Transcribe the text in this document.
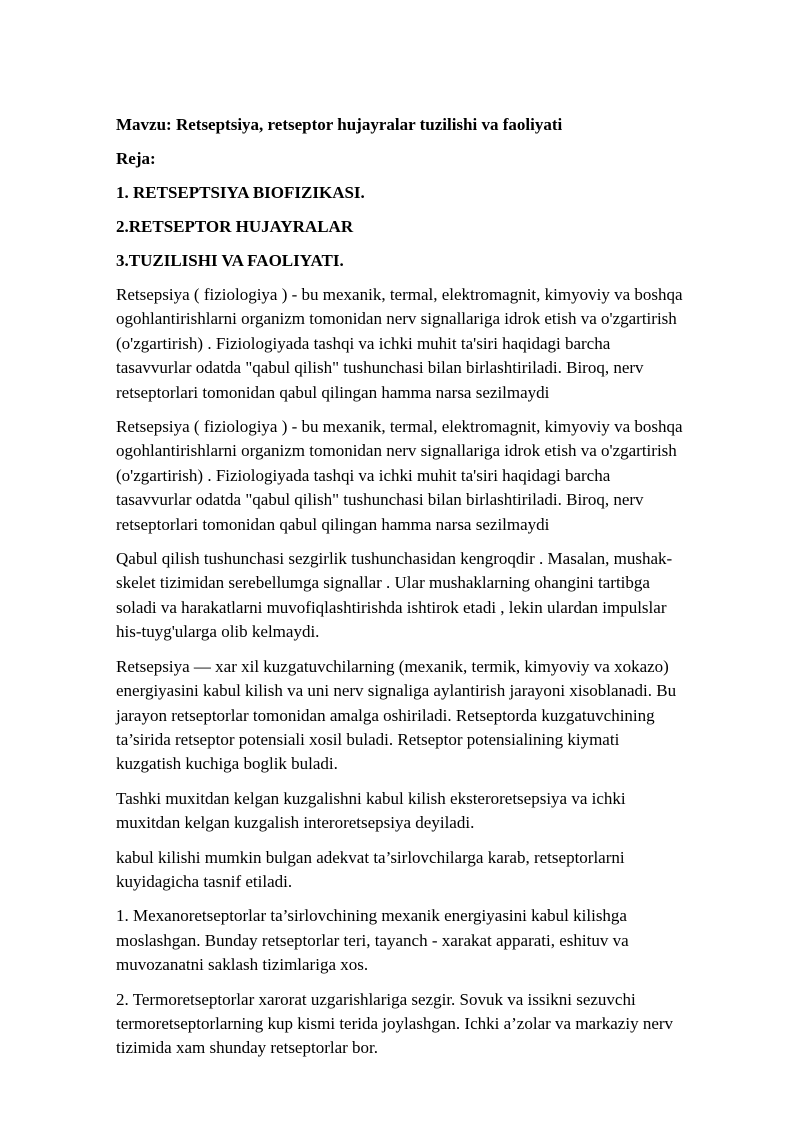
Mavzu: Retseptsiya, retseptor hujayralar tuzilishi va faoliyati
Reja:
1. RETSEPTSIYA BIOFIZIKASI.
2.RETSEPTOR HUJAYRALAR
3.TUZILISHI VA FAOLIYATI.
Retsepsiya ( fiziologiya ) - bu mexanik, termal, elektromagnit, kimyoviy va boshqa
ogohlantirishlarni organizm tomonidan nerv signallariga idrok etish va o'zgartirish
(o'zgartirish) . Fiziologiyada tashqi va ichki muhit ta'siri haqidagi barcha
tasavvurlar odatda "qabul qilish" tushunchasi bilan birlashtiriladi. Biroq, nerv
retseptorlari tomonidan qabul qilingan hamma narsa sezilmaydi
Retsepsiya ( fiziologiya ) - bu mexanik, termal, elektromagnit, kimyoviy va boshqa
ogohlantirishlarni organizm tomonidan nerv signallariga idrok etish va o'zgartirish
(o'zgartirish) . Fiziologiyada tashqi va ichki muhit ta'siri haqidagi barcha
tasavvurlar odatda "qabul qilish" tushunchasi bilan birlashtiriladi. Biroq, nerv
retseptorlari tomonidan qabul qilingan hamma narsa sezilmaydi
Qabul qilish tushunchasi sezgirlik tushunchasidan kengroqdir . Masalan, mushak-
skelet tizimidan serebellumga signallar . Ular mushaklarning ohangini tartibga
soladi va harakatlarni muvofiqlashtirishda ishtirok etadi , lekin ulardan impulslar
his-tuyg'ularga olib kelmaydi.
Retsepsiya — xar xil kuzgatuvchilarning (mexanik, termik, kimyoviy va xokazo)
energiyasini kabul kilish va uni nerv signaliga aylantirish jarayoni xisoblanadi. Bu
jarayon retseptorlar tomonidan amalga oshiriladi. Retseptorda kuzgatuvchining
ta’sirida retseptor potensiali xosil buladi. Retseptor potensialining kiymati
kuzgatish kuchiga boglik buladi.
Tashki muxitdan kelgan kuzgalishni kabul kilish eksteroretsepsiya va ichki
muxitdan kelgan kuzgalish interoretsepsiya deyiladi.
kabul kilishi mumkin bulgan adekvat ta’sirlovchilarga karab, retseptorlarni
kuyidagicha tasnif etiladi.
1. Mexanoretseptorlar ta’sirlovchining mexanik energiyasini kabul kilishga
moslashgan. Bunday retseptorlar teri, tayanch - xarakat apparati, eshituv va
muvozanatni saklash tizimlariga xos.
2. Termoretseptorlar xarorat uzgarishlariga sezgir. Sovuk va issikni sezuvchi
termoretseptorlarning kup kismi terida joylashgan. Ichki a’zolar va markaziy nerv
tizimida xam shunday retseptorlar bor.
